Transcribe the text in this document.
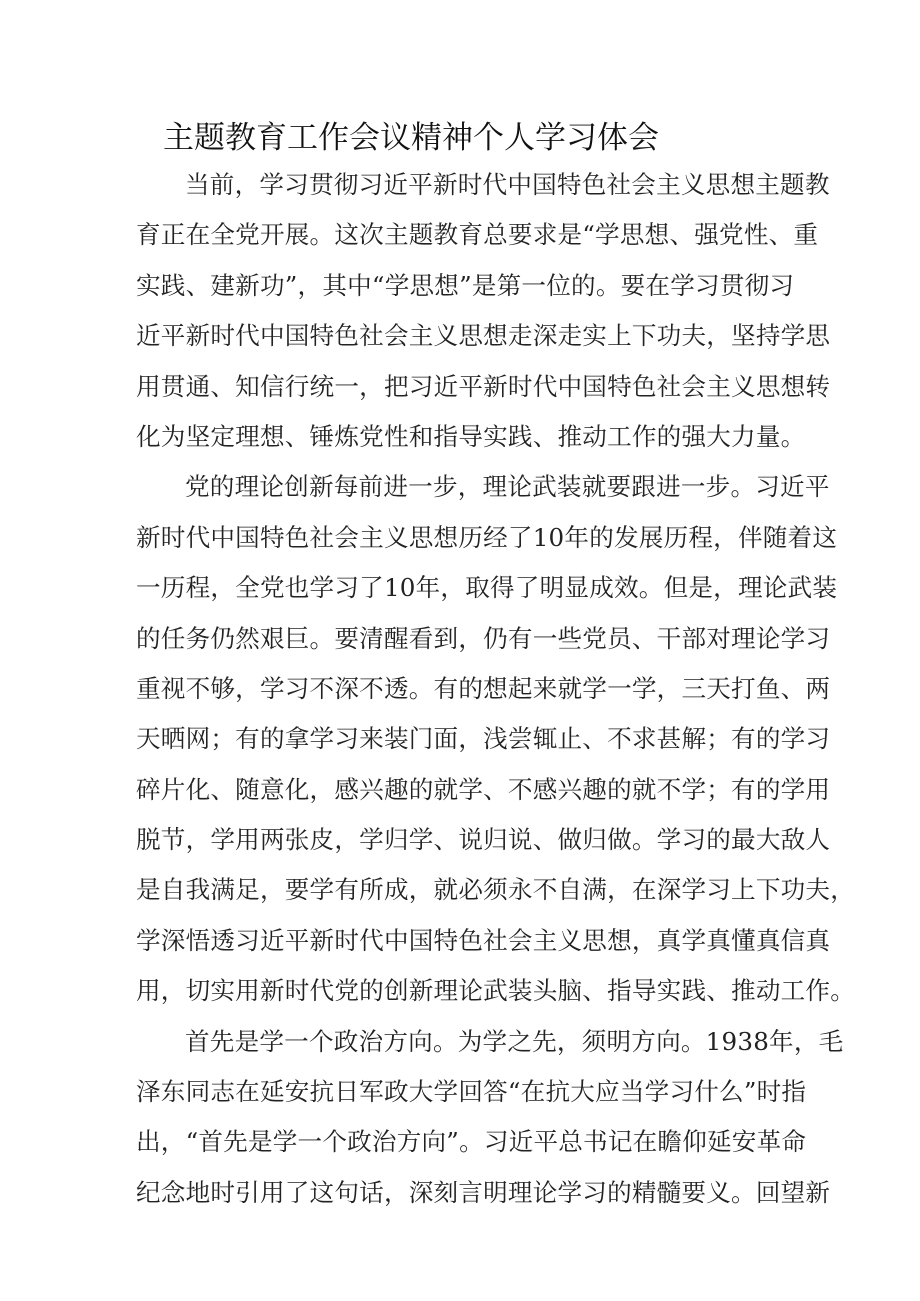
主题教育工作会议精神个人学习体会

当前，学习贯彻习近平新时代中国特色社会主义思想主题教
育正在全党开展。这次主题教育总要求是“学思想、强党性、重
实践、建新功”，其中“学思想”是第一位的。要在学习贯彻习
近平新时代中国特色社会主义思想走深走实上下功夫，坚持学思
用贯通、知信行统一，把习近平新时代中国特色社会主义思想转
化为坚定理想、锤炼党性和指导实践、推动工作的强大力量。

党的理论创新每前进一步，理论武装就要跟进一步。习近平
新时代中国特色社会主义思想历经了10年的发展历程，伴随着这
一历程，全党也学习了10年，取得了明显成效。但是，理论武装
的任务仍然艰巨。要清醒看到，仍有一些党员、干部对理论学习
重视不够，学习不深不透。有的想起来就学一学，三天打鱼、两
天晒网；有的拿学习来装门面，浅尝辄止、不求甚解；有的学习
碎片化、随意化，感兴趣的就学、不感兴趣的就不学；有的学用
脱节，学用两张皮，学归学、说归说、做归做。学习的最大敌人
是自我满足，要学有所成，就必须永不自满，在深学习上下功夫，
学深悟透习近平新时代中国特色社会主义思想，真学真懂真信真
用，切实用新时代党的创新理论武装头脑、指导实践、推动工作。

首先是学一个政治方向。为学之先，须明方向。1938年，毛
泽东同志在延安抗日军政大学回答“在抗大应当学习什么”时指
出，“首先是学一个政治方向”。习近平总书记在瞻仰延安革命
纪念地时引用了这句话，深刻言明理论学习的精髓要义。回望新
